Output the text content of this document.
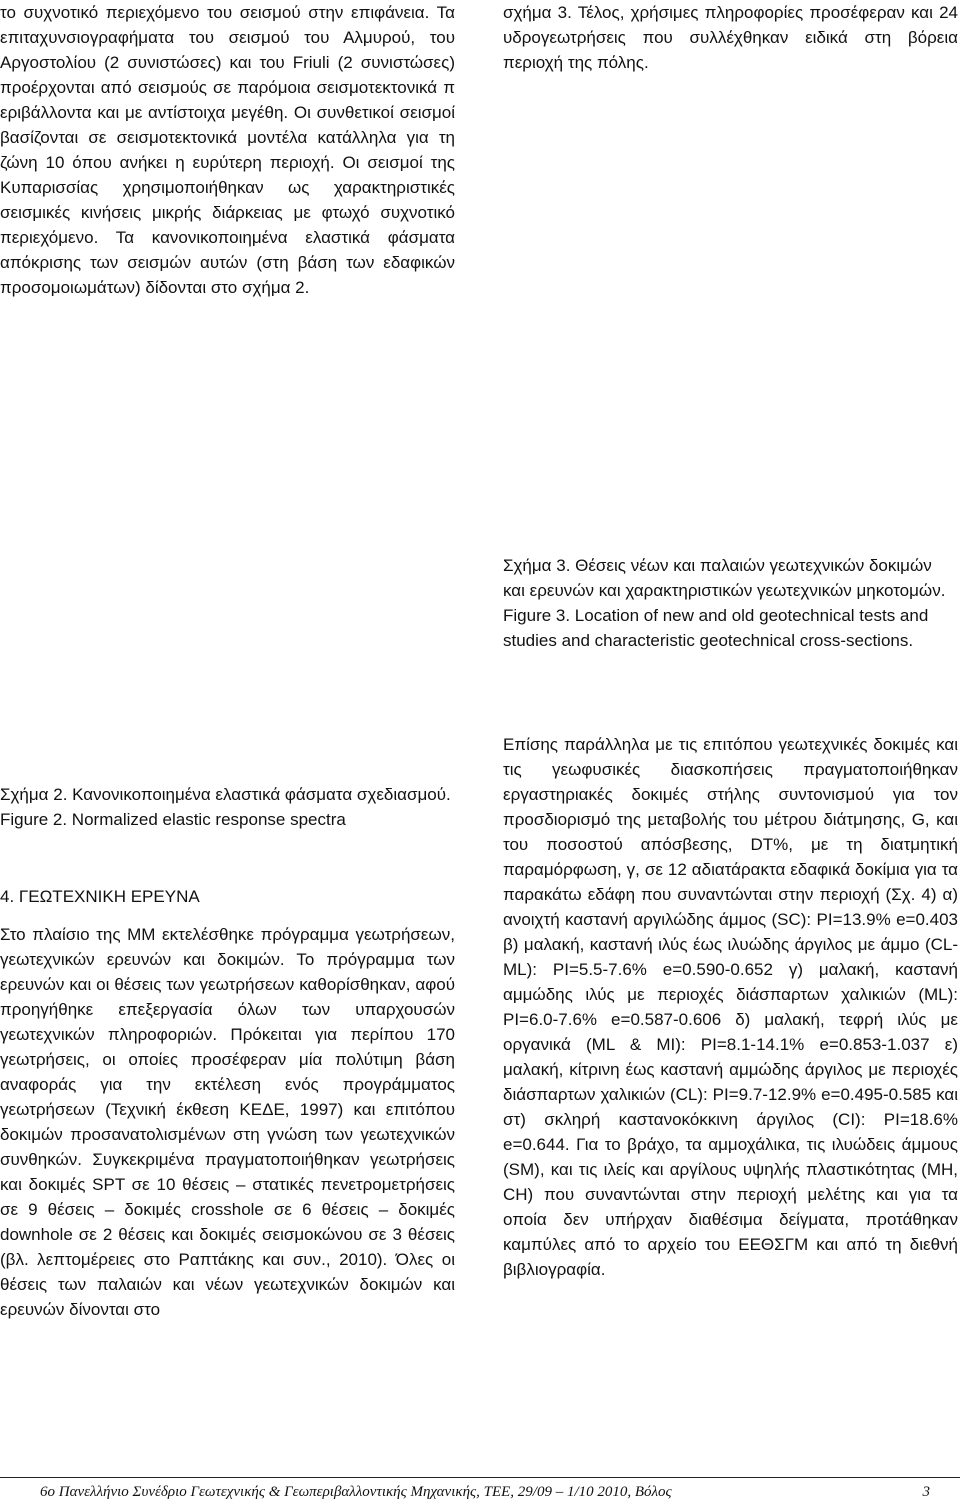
το συχνοτικό περιεχόμενο του σεισμού στην επιφάνεια. Τα επιταχυνσιογραφήματα του σεισμού του Αλμυρού, του Αργοστολίου (2 συνιστώσες) και του Friuli (2 συνιστώσες) προέρχονται από σεισμούς σε παρόμοια σεισμοτεκτονικά π εριβάλλοντα και με αντίστοιχα μεγέθη. Οι συνθετικοί σεισμοί βασίζονται σε σεισμοτεκτονικά μοντέλα κατάλληλα για τη ζώνη 10 όπου ανήκει η ευρύτερη περιοχή. Οι σεισμοί της Κυπαρισσίας χρησιμοποιήθηκαν ως χαρακτηριστικές σεισμικές κινήσεις μικρής διάρκειας με φτωχό συχνοτικό περιεχόμενο. Τα κανονικοποιημένα ελαστικά φάσματα απόκρισης των σεισμών αυτών (στη βάση των εδαφικών προσομοιωμάτων) δίδονται στο σχήμα 2.

Σχήμα 2. Κανονικοποιημένα ελαστικά φάσματα σχεδιασμού.

Figure 2. Normalized elastic response spectra

4. ΓΕΩΤΕΧΝΙΚΗ ΕΡΕΥΝΑ

Στο πλαίσιο της ΜΜ εκτελέσθηκε πρόγραμμα γεωτρήσεων, γεωτεχνικών ερευνών και δοκιμών. Το πρόγραμμα των ερευνών και οι θέσεις των γεωτρήσεων καθορίσθηκαν, αφού προηγήθηκε επεξεργασία όλων των υπαρχουσών γεωτεχνικών πληροφοριών. Πρόκειται για περίπου 170 γεωτρήσεις, οι οποίες προσέφεραν μία πολύτιμη βάση αναφοράς για την εκτέλεση ενός προγράμματος γεωτρήσεων (Τεχνική έκθεση ΚΕΔΕ, 1997) και επιτόπου δοκιμών προσανατολισμένων στη γνώση των γεωτεχνικών συνθηκών. Συγκεκριμένα πραγματοποιήθηκαν γεωτρήσεις και δοκιμές SPT σε 10 θέσεις – στατικές πενετρομετρήσεις σε 9 θέσεις – δοκιμές crosshole σε 6 θέσεις – δοκιμές downhole σε 2 θέσεις και δοκιμές σεισμοκώνου σε 3 θέσεις (βλ. λεπτομέρειες στο Ραπτάκης και συν., 2010). Όλες οι θέσεις των παλαιών και νέων γεωτεχνικών δοκιμών και ερευνών δίνονται στο

σχήμα 3. Τέλος, χρήσιμες πληροφορίες προσέφεραν και 24 υδρογεωτρήσεις που συλλέχθηκαν ειδικά στη βόρεια περιοχή της πόλης.

Σχήμα 3. Θέσεις νέων και παλαιών γεωτεχνικών δοκιμών και ερευνών και χαρακτηριστικών γεωτεχνικών μηκοτομών.

Figure 3. Location of new and old geotechnical tests and studies and characteristic geotechnical cross-sections.

Επίσης παράλληλα με τις επιτόπου γεωτεχνικές δοκιμές και τις γεωφυσικές διασκοπήσεις πραγματοποιήθηκαν εργαστηριακές δοκιμές στήλης συντονισμού για τον προσδιορισμό της μεταβολής του μέτρου διάτμησης, G, και του ποσοστού απόσβεσης, DT%, με τη διατμητική παραμόρφωση, γ, σε 12 αδιατάρακτα εδαφικά δοκίμια για τα παρακάτω εδάφη που συναντώνται στην περιοχή (Σχ. 4) α) ανοιχτή καστανή αργιλώδης άμμος (SC): PI=13.9% e=0.403 β) μαλακή, καστανή ιλύς έως ιλυώδης άργιλος με άμμο (CL-ML): PI=5.5-7.6% e=0.590-0.652 γ) μαλακή, καστανή αμμώδης ιλύς με περιοχές διάσπαρτων χαλικιών (ML): PI=6.0-7.6% e=0.587-0.606 δ) μαλακή, τεφρή ιλύς με οργανικά (ML & MI): PI=8.1-14.1% e=0.853-1.037 ε) μαλακή, κίτρινη έως καστανή αμμώδης άργιλος με περιοχές διάσπαρτων χαλικιών (CL): PI=9.7-12.9% e=0.495-0.585 και στ) σκληρή καστανοκόκκινη άργιλος (CI): PI=18.6% e=0.644. Για το βράχο, τα αμμοχάλικα, τις ιλυώδεις άμμους (SM), και τις ιλείς και αργίλους υψηλής πλαστικότητας (MH, CH) που συναντώνται στην περιοχή μελέτης και για τα οποία δεν υπήρχαν διαθέσιμα δείγματα, προτάθηκαν καμπύλες από το αρχείο του ΕΕΘΣΓΜ και από τη διεθνή βιβλιογραφία.

6ο Πανελλήνιο Συνέδριο Γεωτεχνικής & Γεωπεριβαλλοντικής Μηχανικής, ΤΕΕ, 29/09 – 1/10 2010, Βόλος	3
